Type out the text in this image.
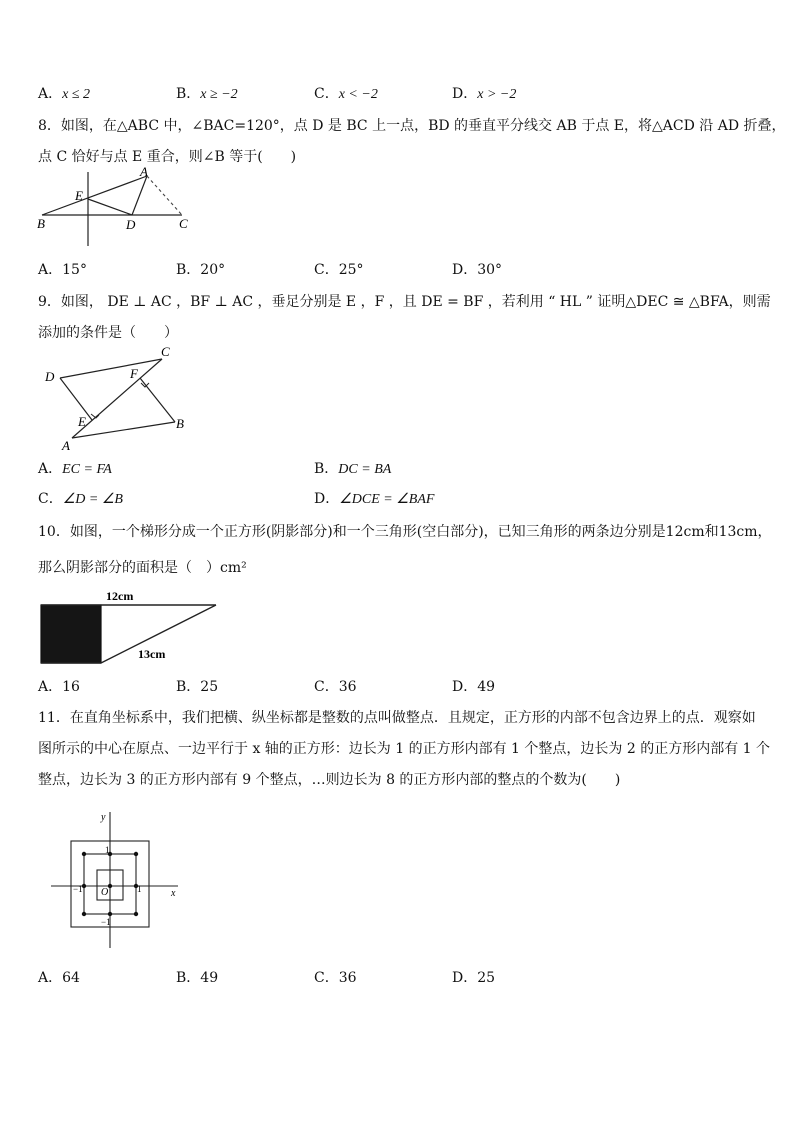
A．x ≤ 2	B．x ≥ −2	C．x < −2	D．x > −2
8．如图，在△ABC 中，∠BAC=120°，点 D 是 BC 上一点，BD 的垂直平分线交 AB 于点 E，将△ACD 沿 AD 折叠，
点 C 恰好与点 E 重合，则∠B 等于(　　)
A
B	C
D
E
A．15°	B．20°	C．25°	D．30°
9．如图， DE ⊥ AC ，BF ⊥ AC ，垂足分别是 E ，F ，且 DE = BF ，若利用 “ HL ” 证明△DEC ≅ △BFA，则需
添加的条件是（　　）
C
D	F
E
A
B
A．EC = FA	B．DC = BA
C．∠D = ∠B	D．∠DCE = ∠BAF
10．如图，一个梯形分成一个正方形(阴影部分)和一个三角形(空白部分)，已知三角形的两条边分别是12cm和13cm，
那么阴影部分的面积是（　）cm²
12cm
13cm
A．16	B．25	C．36	D．49
11．在直角坐标系中，我们把横、纵坐标都是整数的点叫做整点．且规定，正方形的内部不包含边界上的点．观察如
图所示的中心在原点、一边平行于 x 轴的正方形：边长为 1 的正方形内部有 1 个整点，边长为 2 的正方形内部有 1 个
整点，边长为 3 的正方形内部有 9 个整点，…则边长为 8 的正方形内部的整点的个数为(　　)
y
x
O
1
−1
−1	1
A．64	B．49	C．36	D．25
